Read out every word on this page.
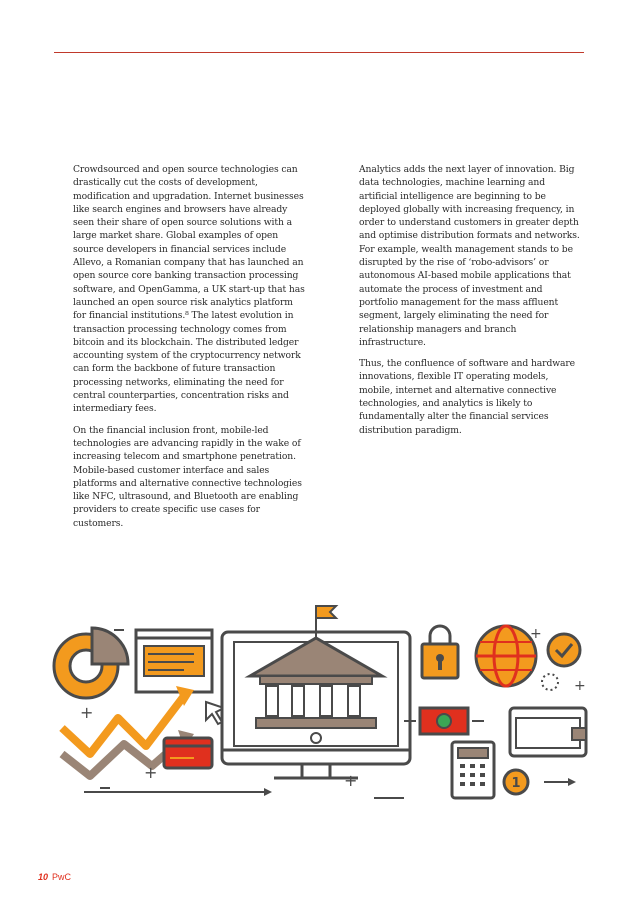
Crowdsourced and open source technologies can drastically cut the costs of development, modification and upgradation. Internet businesses like search engines and browsers have already seen their share of open source solutions with a large market share. Global examples of open source developers in financial services include Allevo, a Romanian company that has launched an open source core banking transaction processing software, and OpenGamma, a UK start-up that has launched an open source risk analytics platform for financial institutions.⁸ The latest evolution in transaction processing technology comes from bitcoin and its blockchain. The distributed ledger accounting system of the cryptocurrency network can form the backbone of future transaction processing networks, eliminating the need for central counterparties, concentration risks and intermediary fees.

On the financial inclusion front, mobile-led technologies are advancing rapidly in the wake of increasing telecom and smartphone penetration. Mobile-based customer interface and sales platforms and alternative connective technologies like NFC, ultrasound, and Bluetooth are enabling providers to create specific use cases for customers.

Analytics adds the next layer of innovation. Big data technologies, machine learning and artificial intelligence are beginning to be deployed globally with increasing frequency, in order to understand customers in greater depth and optimise distribution formats and networks. For example, wealth management stands to be disrupted by the rise of ‘robo-advisors’ or autonomous AI-based mobile applications that automate the process of investment and portfolio management for the mass affluent segment, largely eliminating the need for relationship managers and branch infrastructure.

Thus, the confluence of software and hardware innovations, flexible IT operating models, mobile, internet and alternative connective technologies, and analytics is likely to fundamentally alter the financial services distribution paradigm.

+
+	+
+
+
1
10 PwC
